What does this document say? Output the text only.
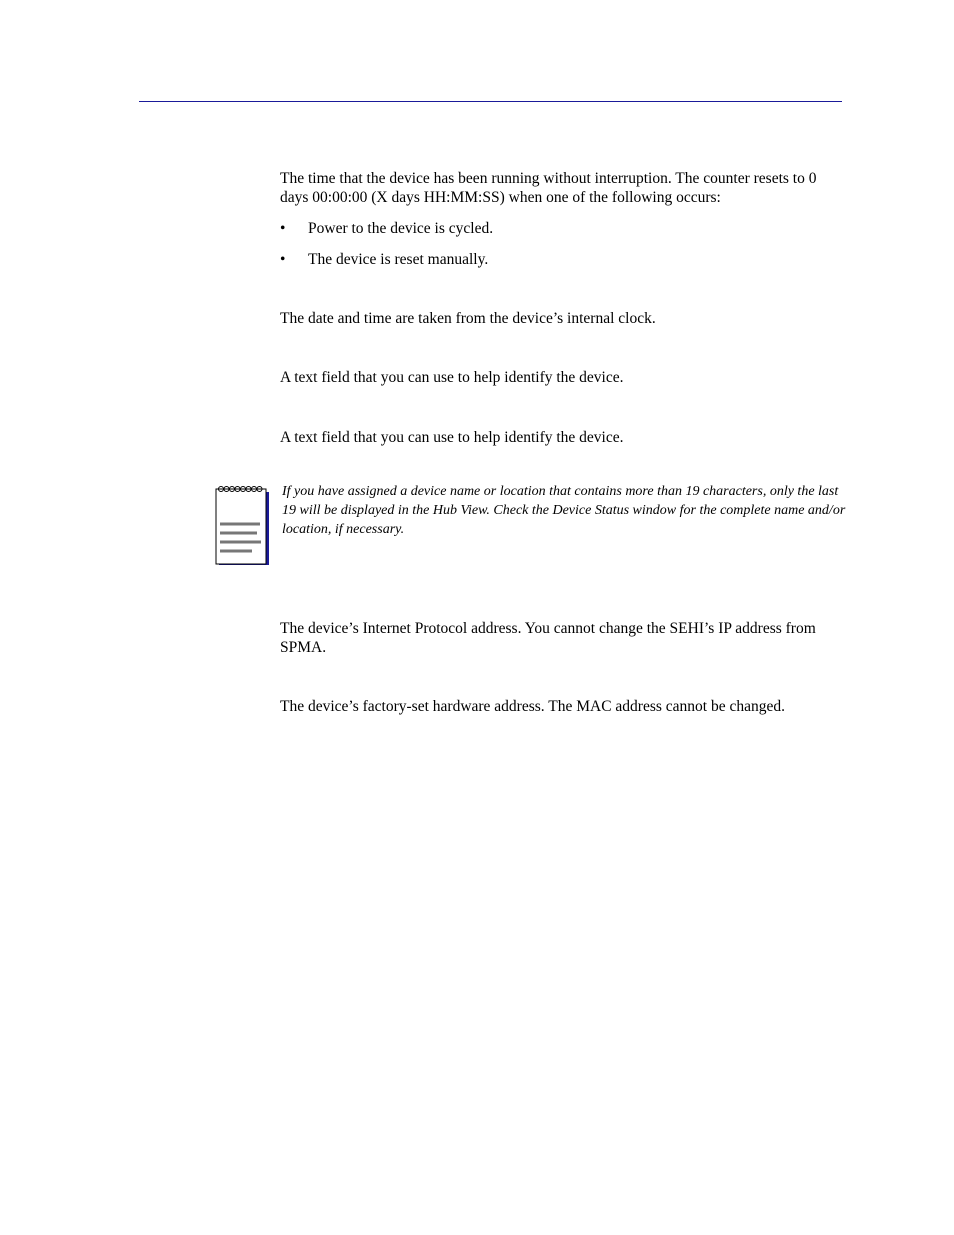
The time that the device has been running without interruption. The counter resets to 0 days 00:00:00 (X days HH:MM:SS) when one of the following occurs:

• Power to the device is cycled.
• The device is reset manually.

The date and time are taken from the device’s internal clock.

A text field that you can use to help identify the device.

A text field that you can use to help identify the device.

If you have assigned a device name or location that contains more than 19 characters, only the last 19 will be displayed in the Hub View. Check the Device Status window for the complete name and/or location, if necessary.

The device’s Internet Protocol address. You cannot change the SEHI’s IP address from SPMA.

The device’s factory-set hardware address. The MAC address cannot be changed.
